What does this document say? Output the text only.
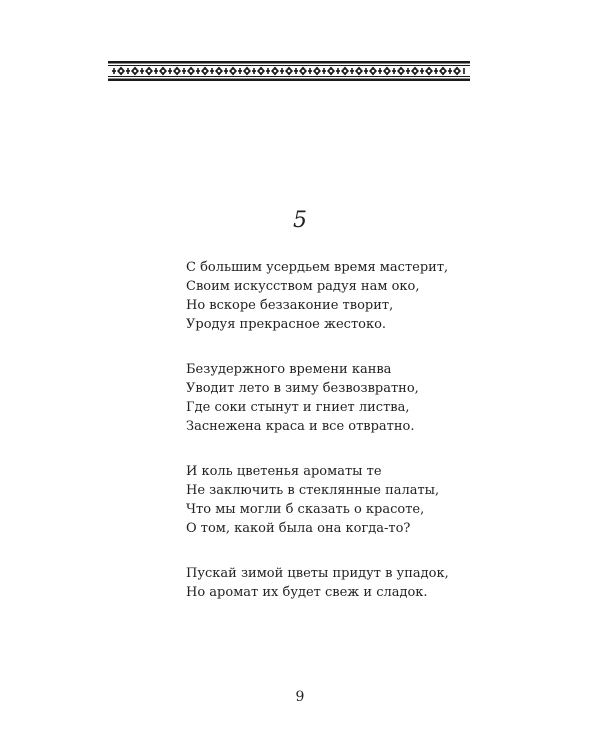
5
С большим усердьем время мастерит,
Своим искусством радуя нам око,
Но вскоре беззаконие творит,
Уродуя прекрасное жестоко.
Безудержного времени канва
Уводит лето в зиму безвозвратно,
Где соки стынут и гниет листва,
Заснежена краса и все отвратно.
И коль цветенья ароматы те
Не заключить в стеклянные палаты,
Что мы могли б сказать о красоте,
О том, какой была она когда-то?
Пускай зимой цветы придут в упадок,
Но аромат их будет свеж и сладок.
9
